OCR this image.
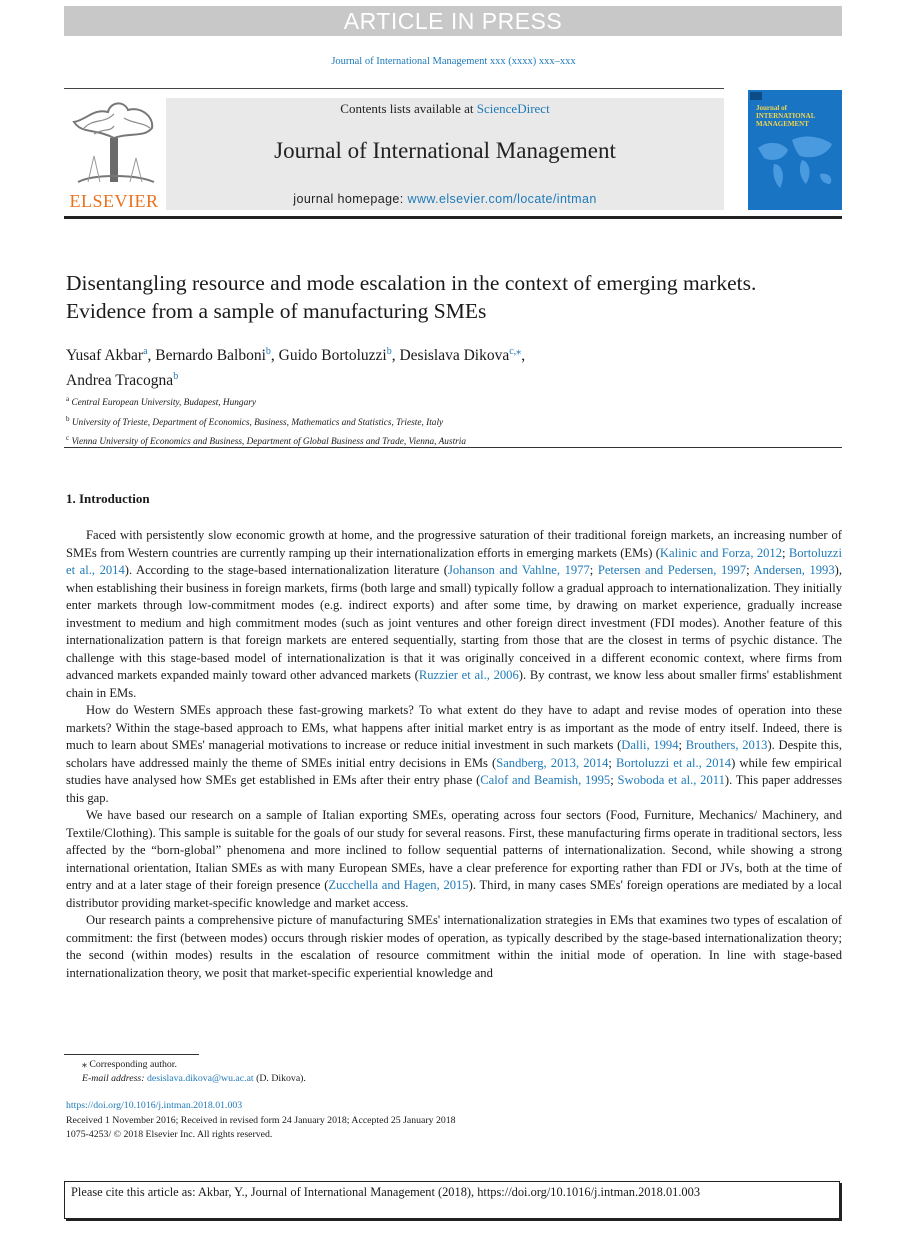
ARTICLE IN PRESS
Journal of International Management xxx (xxxx) xxx–xxx
ELSEVIER
Contents lists available at ScienceDirect
Journal of International Management
journal homepage: www.elsevier.com/locate/intman
Journal of INTERNATIONAL MANAGEMENT
Disentangling resource and mode escalation in the context of emerging markets. Evidence from a sample of manufacturing SMEs
Yusaf Akbar$^a$, Bernardo Balboni$^b$, Guido Bortoluzzi$^b$, Desislava Dikova$^{c,⁎}$,
Andrea Tracogna$^b$
$^a$ Central European University, Budapest, Hungary
$^b$ University of Trieste, Department of Economics, Business, Mathematics and Statistics, Trieste, Italy
$^c$ Vienna University of Economics and Business, Department of Global Business and Trade, Vienna, Austria
1. Introduction

Faced with persistently slow economic growth at home, and the progressive saturation of their traditional foreign markets, an increasing number of SMEs from Western countries are currently ramping up their internationalization efforts in emerging markets (EMs) (Kalinic and Forza, 2012; Bortoluzzi et al., 2014). According to the stage-based internationalization literature (Johanson and Vahlne, 1977; Petersen and Pedersen, 1997; Andersen, 1993), when establishing their business in foreign markets, firms (both large and small) typically follow a gradual approach to internationalization. They initially enter markets through low-commitment modes (e.g. indirect exports) and after some time, by drawing on market experience, gradually increase investment to medium and high commitment modes (such as joint ventures and other foreign direct investment (FDI modes). Another feature of this internationalization pattern is that foreign markets are entered sequentially, starting from those that are the closest in terms of psychic distance. The challenge with this stage-based model of internationalization is that it was originally conceived in a different economic context, where firms from advanced markets expanded mainly toward other advanced markets (Ruzzier et al., 2006). By contrast, we know less about smaller firms' establishment chain in EMs.

How do Western SMEs approach these fast-growing markets? To what extent do they have to adapt and revise modes of operation into these markets? Within the stage-based approach to EMs, what happens after initial market entry is as important as the mode of entry itself. Indeed, there is much to learn about SMEs' managerial motivations to increase or reduce initial investment in such markets (Dalli, 1994; Brouthers, 2013). Despite this, scholars have addressed mainly the theme of SMEs initial entry decisions in EMs (Sandberg, 2013, 2014; Bortoluzzi et al., 2014) while few empirical studies have analysed how SMEs get established in EMs after their entry phase (Calof and Beamish, 1995; Swoboda et al., 2011). This paper addresses this gap.

We have based our research on a sample of Italian exporting SMEs, operating across four sectors (Food, Furniture, Mechanics/ Machinery, and Textile/Clothing). This sample is suitable for the goals of our study for several reasons. First, these manufacturing firms operate in traditional sectors, less affected by the “born-global” phenomena and more inclined to follow sequential patterns of internationalization. Second, while showing a strong international orientation, Italian SMEs as with many European SMEs, have a clear preference for exporting rather than FDI or JVs, both at the time of entry and at a later stage of their foreign presence (Zucchella and Hagen, 2015). Third, in many cases SMEs' foreign operations are mediated by a local distributor providing market-specific knowledge and market access.

Our research paints a comprehensive picture of manufacturing SMEs' internationalization strategies in EMs that examines two types of escalation of commitment: the first (between modes) occurs through riskier modes of operation, as typically described by the stage-based internationalization theory; the second (within modes) results in the escalation of resource commitment within the initial mode of operation. In line with stage-based internationalization theory, we posit that market-specific experiential knowledge and

⁎ Corresponding author.
E-mail address: desislava.dikova@wu.ac.at (D. Dikova).
https://doi.org/10.1016/j.intman.2018.01.003
Received 1 November 2016; Received in revised form 24 January 2018; Accepted 25 January 2018
1075-4253/ © 2018 Elsevier Inc. All rights reserved.
Please cite this article as: Akbar, Y., Journal of International Management (2018), https://doi.org/10.1016/j.intman.2018.01.003
